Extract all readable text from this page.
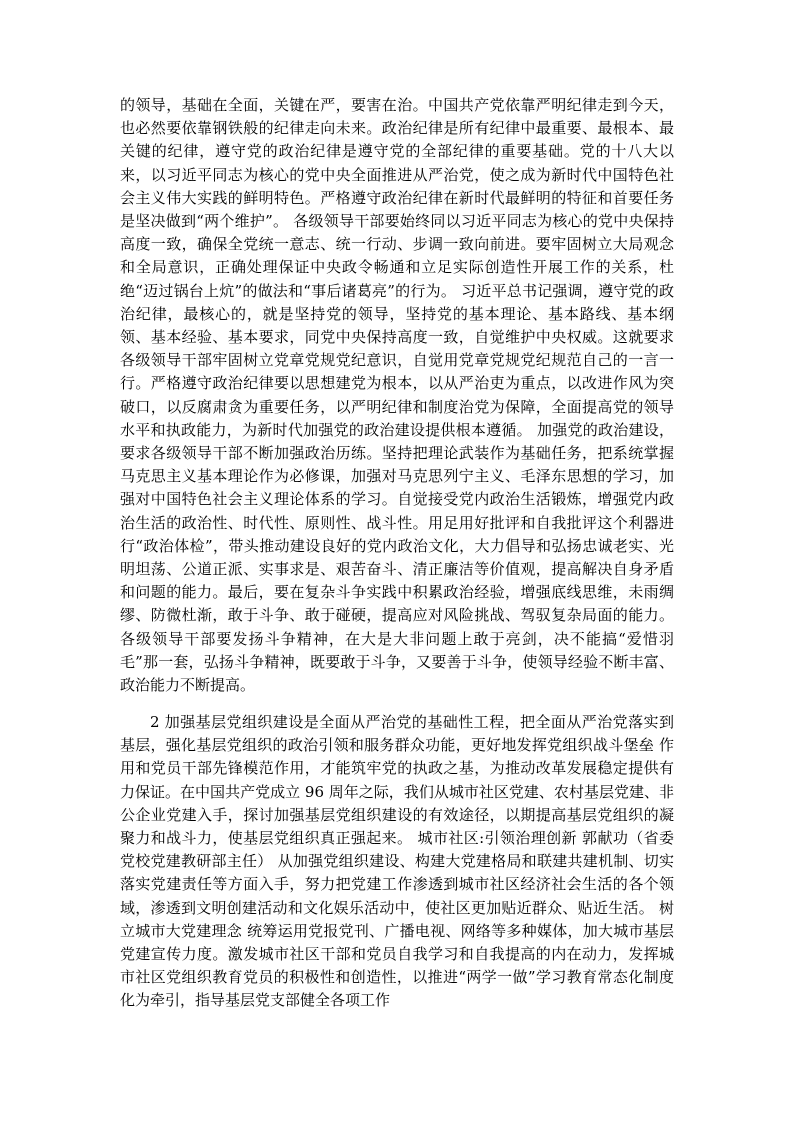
的领导，基础在全面，关键在严，要害在治。中国共产党依靠严明纪律走到今天，也必然要依靠钢铁般的纪律走向未来。政治纪律是所有纪律中最重要、最根本、最关键的纪律，遵守党的政治纪律是遵守党的全部纪律的重要基础。党的十八大以来，以习近平同志为核心的党中央全面推进从严治党，使之成为新时代中国特色社会主义伟大实践的鲜明特色。严格遵守政治纪律在新时代最鲜明的特征和首要任务是坚决做到“两个维护”。 各级领导干部要始终同以习近平同志为核心的党中央保持高度一致，确保全党统一意志、统一行动、步调一致向前进。要牢固树立大局观念和全局意识，正确处理保证中央政令畅通和立足实际创造性开展工作的关系，杜绝“迈过锅台上炕”的做法和“事后诸葛亮”的行为。 习近平总书记强调，遵守党的政治纪律，最核心的，就是坚持党的领导，坚持党的基本理论、基本路线、基本纲领、基本经验、基本要求，同党中央保持高度一致，自觉维护中央权威。这就要求各级领导干部牢固树立党章党规党纪意识，自觉用党章党规党纪规范自己的一言一行。严格遵守政治纪律要以思想建党为根本，以从严治吏为重点，以改进作风为突破口，以反腐肃贪为重要任务，以严明纪律和制度治党为保障，全面提高党的领导水平和执政能力，为新时代加强党的政治建设提供根本遵循。 加强党的政治建设，要求各级领导干部不断加强政治历练。坚持把理论武装作为基础任务，把系统掌握马克思主义基本理论作为必修课，加强对马克思列宁主义、毛泽东思想的学习，加强对中国特色社会主义理论体系的学习。自觉接受党内政治生活锻炼，增强党内政治生活的政治性、时代性、原则性、战斗性。用足用好批评和自我批评这个利器进行“政治体检”，带头推动建设良好的党内政治文化，大力倡导和弘扬忠诚老实、光明坦荡、公道正派、实事求是、艰苦奋斗、清正廉洁等价值观，提高解决自身矛盾和问题的能力。最后，要在复杂斗争实践中积累政治经验，增强底线思维，未雨绸缪、防微杜渐，敢于斗争、敢于碰硬，提高应对风险挑战、驾驭复杂局面的能力。各级领导干部要发扬斗争精神，在大是大非问题上敢于亮剑，决不能搞“爱惜羽毛”那一套，弘扬斗争精神，既要敢于斗争，又要善于斗争，使领导经验不断丰富、政治能力不断提高。

2 加强基层党组织建设是全面从严治党的基础性工程，把全面从严治党落实到基层，强化基层党组织的政治引领和服务群众功能，更好地发挥党组织战斗堡垒 作用和党员干部先锋模范作用，才能筑牢党的执政之基，为推动改革发展稳定提供有力保证。在中国共产党成立 96 周年之际，我们从城市社区党建、农村基层党建、非公企业党建入手，探讨加强基层党组织建设的有效途径，以期提高基层党组织的凝聚力和战斗力，使基层党组织真正强起来。 城市社区:引领治理创新 郭献功（省委党校党建教研部主任） 从加强党组织建设、构建大党建格局和联建共建机制、切实落实党建责任等方面入手，努力把党建工作渗透到城市社区经济社会生活的各个领域，渗透到文明创建活动和文化娱乐活动中，使社区更加贴近群众、贴近生活。 树立城市大党建理念 统筹运用党报党刊、广播电视、网络等多种媒体，加大城市基层党建宣传力度。激发城市社区干部和党员自我学习和自我提高的内在动力，发挥城市社区党组织教育党员的积极性和创造性，以推进“两学一做”学习教育常态化制度化为牵引，指导基层党支部健全各项工作
